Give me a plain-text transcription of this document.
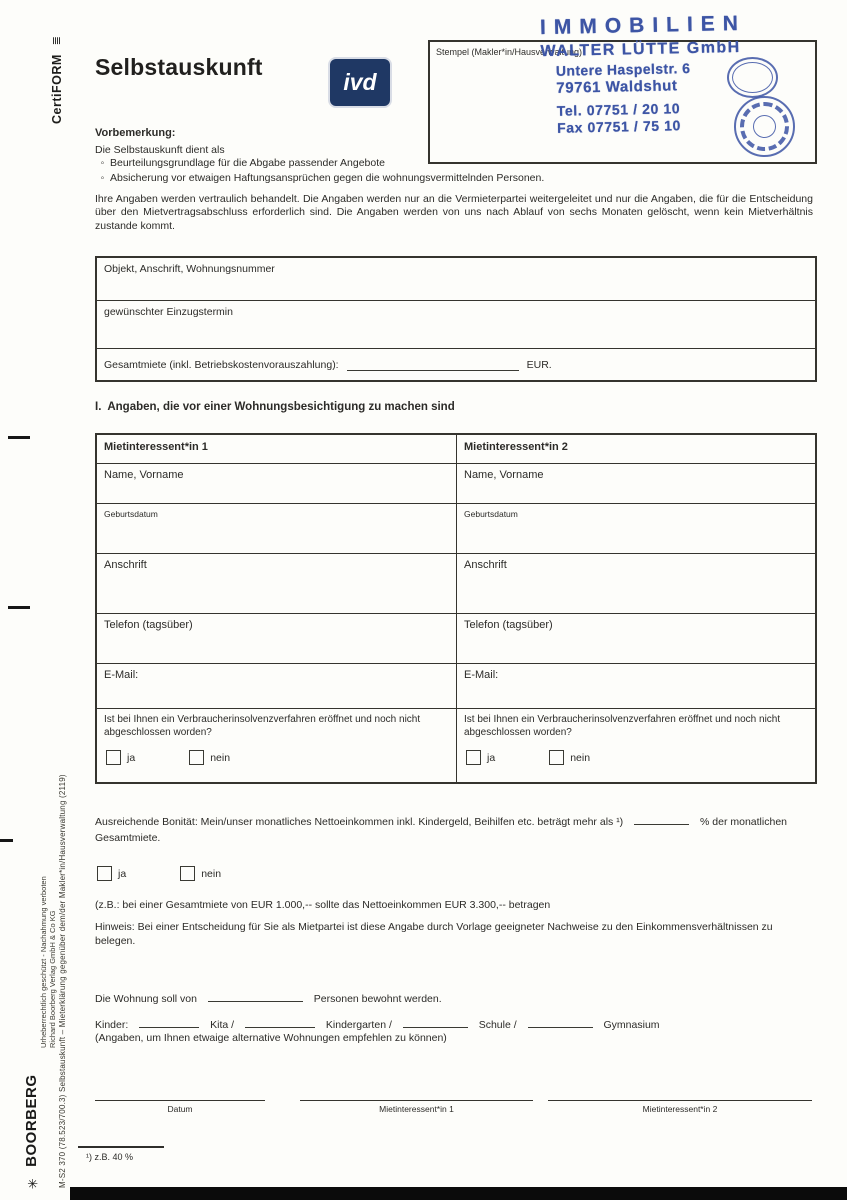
CertiFORM ≣
M-S2 370 (78.523/700.3) Selbstauskunft – Mieterklärung gegenüber dem/der Makler*in/Hausverwaltung (2119)
Urheberrechtlich geschützt - Nachahmung verboten Richard Boorberg Verlag GmbH & Co KG
✳ BOORBERG
Selbstauskunft
ivd
Stempel (Makler*in/Hausverwaltung)
IMMOBILIEN
WALTER LÜTTE GmbH
Untere Haspelstr. 6
79761 Waldshut
Tel. 07751 / 20 10
Fax 07751 / 75 10
Vorbemerkung:
Die Selbstauskunft dient als
◦ Beurteilungsgrundlage für die Abgabe passender Angebote
◦ Absicherung vor etwaigen Haftungsansprüchen gegen die wohnungsvermittelnden Personen.

Ihre Angaben werden vertraulich behandelt. Die Angaben werden nur an die Vermieterpartei weitergeleitet und nur die Angaben, die für die Entscheidung über den Mietvertragsabschluss erforderlich sind. Die Angaben werden von uns nach Ablauf von sechs Monaten gelöscht, wenn kein Mietverhältnis zustande kommt.

Objekt, Anschrift, Wohnungsnummer
gewünschter Einzugstermin
Gesamtmiete (inkl. Betriebskostenvorauszahlung):	EUR.
I.  Angaben, die vor einer Wohnungsbesichtigung zu machen sind
Mietinteressent*in 1	Mietinteressent*in 2
Name, Vorname	Name, Vorname
Geburtsdatum	Geburtsdatum
Anschrift	Anschrift
Telefon (tagsüber)	Telefon (tagsüber)
E-Mail:	E-Mail:
Ist bei Ihnen ein Verbraucherinsolvenzverfahren eröffnet und noch nicht abgeschlossen worden?
ja	nein
Ist bei Ihnen ein Verbraucherinsolvenzverfahren eröffnet und noch nicht abgeschlossen worden?
ja	nein
Ausreichende Bonität: Mein/unser monatliches Nettoeinkommen inkl. Kindergeld, Beihilfen etc. beträgt mehr als ¹)	% der monatlichen Gesamtmiete.
ja	nein
(z.B.: bei einer Gesamtmiete von EUR 1.000,-- sollte das Nettoeinkommen EUR 3.300,-- betragen
Hinweis: Bei einer Entscheidung für Sie als Mietpartei ist diese Angabe durch Vorlage geeigneter Nachweise zu den Einkommensverhältnissen zu belegen.
Die Wohnung soll von	Personen bewohnt werden.
Kinder:	Kita /	Kindergarten /	Schule /	Gymnasium
(Angaben, um Ihnen etwaige alternative Wohnungen empfehlen zu können)
Datum	Mietinteressent*in 1	Mietinteressent*in 2
¹) z.B. 40 %
